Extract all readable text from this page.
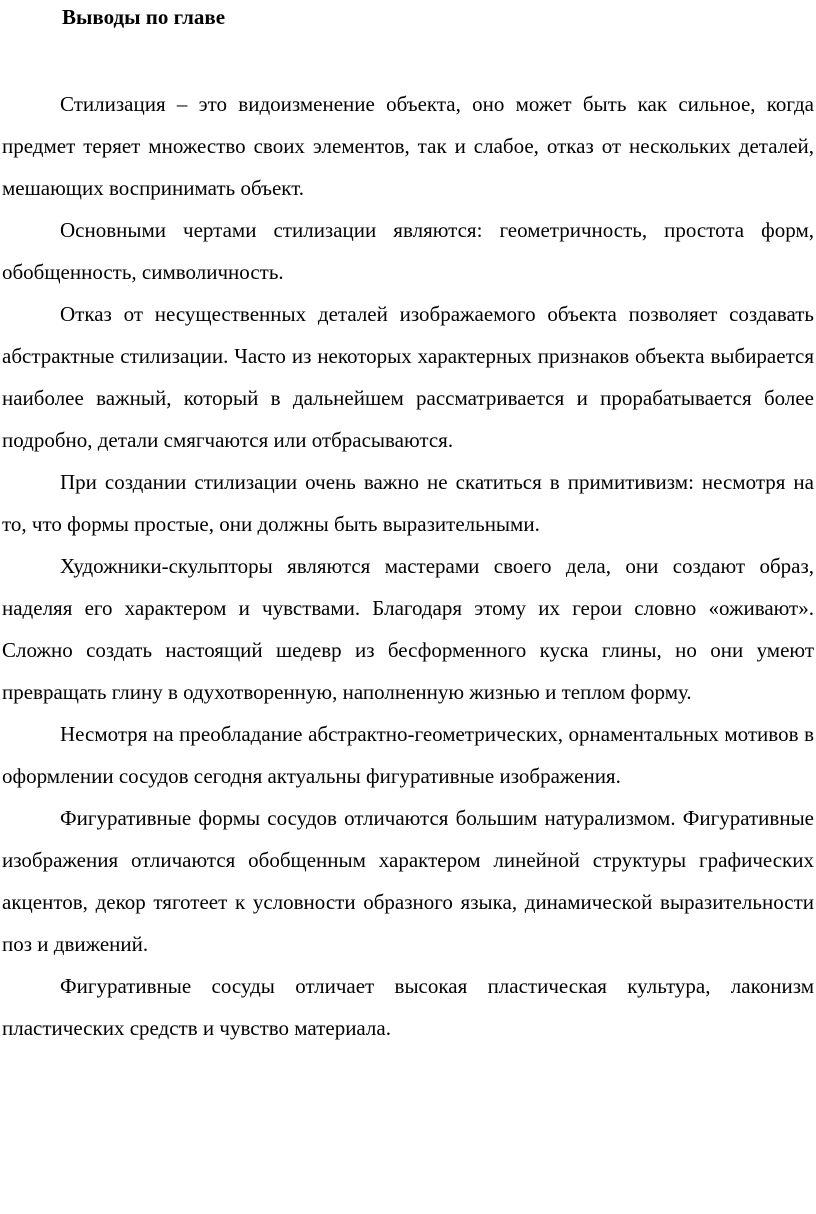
Выводы по главе

Стилизация – это видоизменение объекта, оно может быть как сильное, когда предмет теряет множество своих элементов, так и слабое, отказ от нескольких деталей, мешающих воспринимать объект.

Основными чертами стилизации являются: геометричность, простота форм, обобщенность, символичность.

Отказ от несущественных деталей изображаемого объекта позволяет создавать абстрактные стилизации. Часто из некоторых характерных признаков объекта выбирается наиболее важный, который в дальнейшем рассматривается и прорабатывается более подробно, детали смягчаются или отбрасываются.

При создании стилизации очень важно не скатиться в примитивизм: несмотря на то, что формы простые, они должны быть выразительными.

Художники-скульпторы являются мастерами своего дела, они создают образ, наделяя его характером и чувствами. Благодаря этому их герои словно «оживают». Сложно создать настоящий шедевр из бесформенного куска глины, но они умеют превращать глину в одухотворенную, наполненную жизнью и теплом форму.

Несмотря на преобладание абстрактно-геометрических, орнаментальных мотивов в оформлении сосудов сегодня актуальны фигуративные изображения.

Фигуративные формы сосудов отличаются большим натурализмом. Фигуративные изображения отличаются обобщенным характером линейной структуры графических акцентов, декор тяготеет к условности образного языка, динамической выразительности поз и движений.

Фигуративные сосуды отличает высокая пластическая культура, лаконизм пластических средств и чувство материала.
